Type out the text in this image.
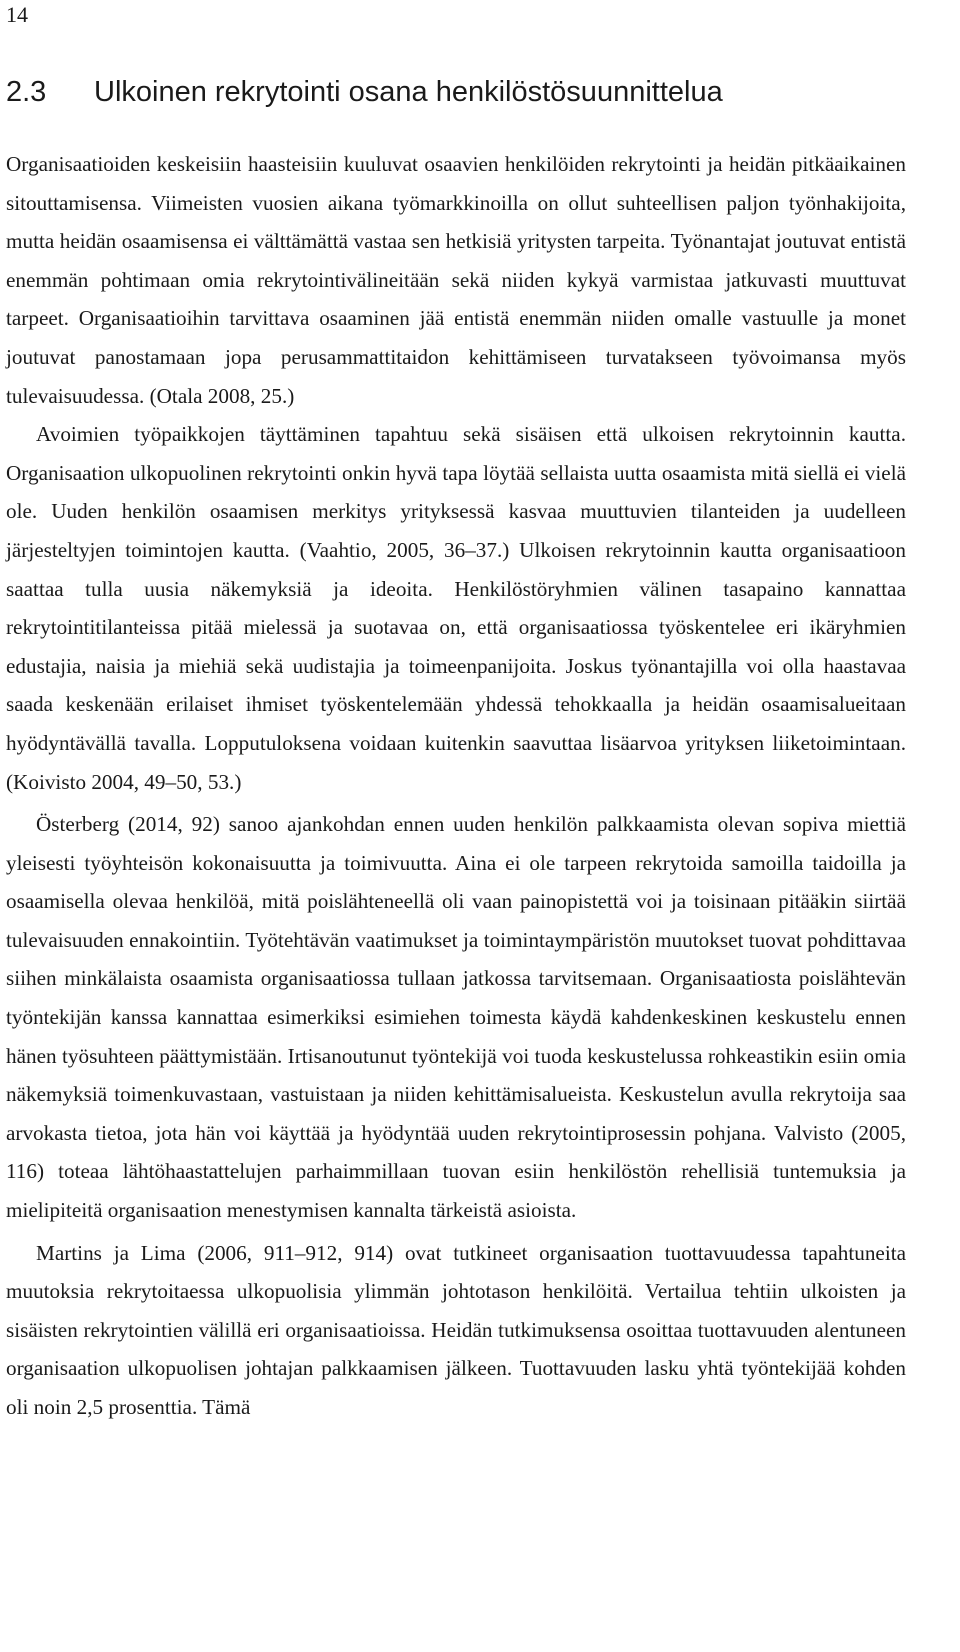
14
2.3 Ulkoinen rekrytointi osana henkilöstösuunnittelua

Organisaatioiden keskeisiin haasteisiin kuuluvat osaavien henkilöiden rekrytointi ja heidän pitkäaikainen sitouttamisensa. Viimeisten vuosien aikana työmarkkinoilla on ollut suhteellisen paljon työnhakijoita, mutta heidän osaamisensa ei välttämättä vastaa sen hetkisiä yritysten tarpeita. Työnantajat joutuvat entistä enemmän pohtimaan omia rekrytointivälineitään sekä niiden kykyä varmistaa jatkuvasti muuttuvat tarpeet. Organisaatioihin tarvittava osaaminen jää entistä enemmän niiden omalle vastuulle ja monet joutuvat panostamaan jopa perusammattitaidon kehittämiseen turvatakseen työvoimansa myös tulevaisuudessa. (Otala 2008, 25.)

Avoimien työpaikkojen täyttäminen tapahtuu sekä sisäisen että ulkoisen rekrytoinnin kautta. Organisaation ulkopuolinen rekrytointi onkin hyvä tapa löytää sellaista uutta osaamista mitä siellä ei vielä ole. Uuden henkilön osaamisen merkitys yrityksessä kasvaa muuttuvien tilanteiden ja uudelleen järjesteltyjen toimintojen kautta. (Vaahtio, 2005, 36–37.) Ulkoisen rekrytoinnin kautta organisaatioon saattaa tulla uusia näkemyksiä ja ideoita. Henkilöstöryhmien välinen tasapaino kannattaa rekrytointitilanteissa pitää mielessä ja suotavaa on, että organisaatiossa työskentelee eri ikäryhmien edustajia, naisia ja miehiä sekä uudistajia ja toimeenpanijoita. Joskus työnantajilla voi olla haastavaa saada keskenään erilaiset ihmiset työskentelemään yhdessä tehokkaalla ja heidän osaamisalueitaan hyödyntävällä tavalla. Lopputuloksena voidaan kuitenkin saavuttaa lisäarvoa yrityksen liiketoimintaan. (Koivisto 2004, 49–50, 53.)

Österberg (2014, 92) sanoo ajankohdan ennen uuden henkilön palkkaamista olevan sopiva miettiä yleisesti työyhteisön kokonaisuutta ja toimivuutta. Aina ei ole tarpeen rekrytoida samoilla taidoilla ja osaamisella olevaa henkilöä, mitä poislähteneellä oli vaan painopistettä voi ja toisinaan pitääkin siirtää tulevaisuuden ennakointiin. Työtehtävän vaatimukset ja toimintaympäristön muutokset tuovat pohdittavaa siihen minkälaista osaamista organisaatiossa tullaan jatkossa tarvitsemaan. Organisaatiosta poislähtevän työntekijän kanssa kannattaa esimerkiksi esimiehen toimesta käydä kahdenkeskinen keskustelu ennen hänen työsuhteen päättymistään. Irtisanoutunut työntekijä voi tuoda keskustelussa rohkeastikin esiin omia näkemyksiä toimenkuvastaan, vastuistaan ja niiden kehittämisalueista. Keskustelun avulla rekrytoija saa arvokasta tietoa, jota hän voi käyttää ja hyödyntää uuden rekrytointiprosessin pohjana. Valvisto (2005, 116) toteaa lähtöhaastattelujen parhaimmillaan tuovan esiin henkilöstön rehellisiä tuntemuksia ja mielipiteitä organisaation menestymisen kannalta tärkeistä asioista.

Martins ja Lima (2006, 911–912, 914) ovat tutkineet organisaation tuottavuudessa tapahtuneita muutoksia rekrytoitaessa ulkopuolisia ylimmän johtotason henkilöitä. Vertailua tehtiin ulkoisten ja sisäisten rekrytointien välillä eri organisaatioissa. Heidän tutkimuksensa osoittaa tuottavuuden alentuneen organisaation ulkopuolisen johtajan palkkaamisen jälkeen. Tuottavuuden lasku yhtä työntekijää kohden oli noin 2,5 prosenttia. Tämä
